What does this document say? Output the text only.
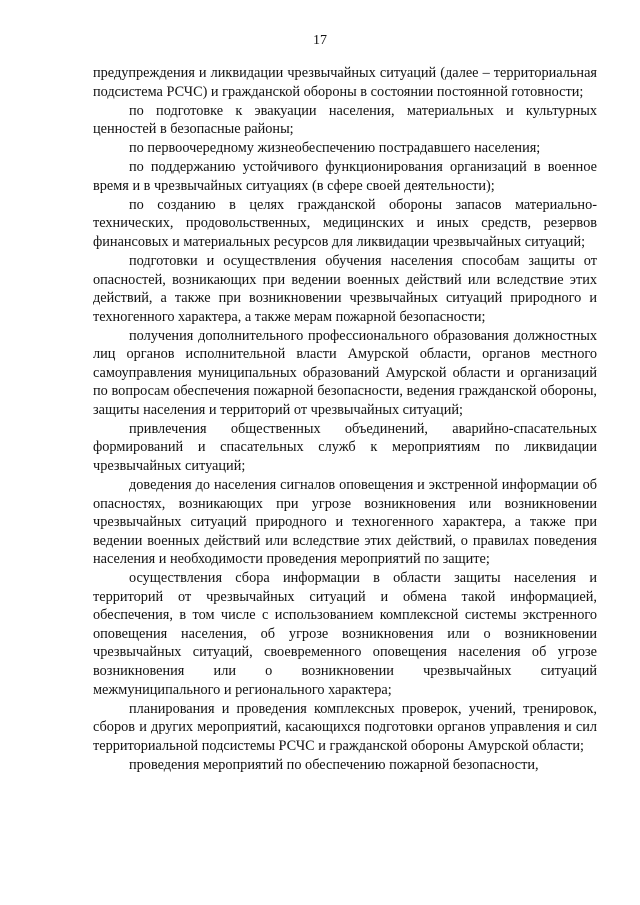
17

предупреждения и ликвидации чрезвычайных ситуаций (далее – территориальная подсистема РСЧС) и гражданской обороны в состоянии постоянной готовности;

по подготовке к эвакуации населения, материальных и культурных ценностей в безопасные районы;

по первоочередному жизнеобеспечению пострадавшего населения;

по поддержанию устойчивого функционирования организаций в военное время и в чрезвычайных ситуациях (в сфере своей деятельности);

по созданию в целях гражданской обороны запасов материально-технических, продовольственных, медицинских и иных средств, резервов финансовых и материальных ресурсов для ликвидации чрезвычайных ситуаций;

подготовки и осуществления обучения населения способам защиты от опасностей, возникающих при ведении военных действий или вследствие этих действий, а также при возникновении чрезвычайных ситуаций природного и техногенного характера, а также мерам пожарной безопасности;

получения дополнительного профессионального образования должностных лиц органов исполнительной власти Амурской области, органов местного самоуправления муниципальных образований Амурской области и организаций по вопросам обеспечения пожарной безопасности, ведения гражданской обороны, защиты населения и территорий от чрезвычайных ситуаций;

привлечения общественных объединений, аварийно-спасательных формирований и спасательных служб к мероприятиям по ликвидации чрезвычайных ситуаций;

доведения до населения сигналов оповещения и экстренной информации об опасностях, возникающих при угрозе возникновения или возникновении чрезвычайных ситуаций природного и техногенного характера, а также при ведении военных действий или вследствие этих действий, о правилах поведения населения и необходимости проведения мероприятий по защите;

осуществления сбора информации в области защиты населения и территорий от чрезвычайных ситуаций и обмена такой информацией, обеспечения, в том числе с использованием комплексной системы экстренного оповещения населения, об угрозе возникновения или о возникновении чрезвычайных ситуаций, своевременного оповещения населения об угрозе возникновения или о возникновении чрезвычайных ситуаций межмуниципального и регионального характера;

планирования и проведения комплексных проверок, учений, тренировок, сборов и других мероприятий, касающихся подготовки органов управления и сил территориальной подсистемы РСЧС и гражданской обороны Амурской области;

проведения мероприятий по обеспечению пожарной безопасности,
